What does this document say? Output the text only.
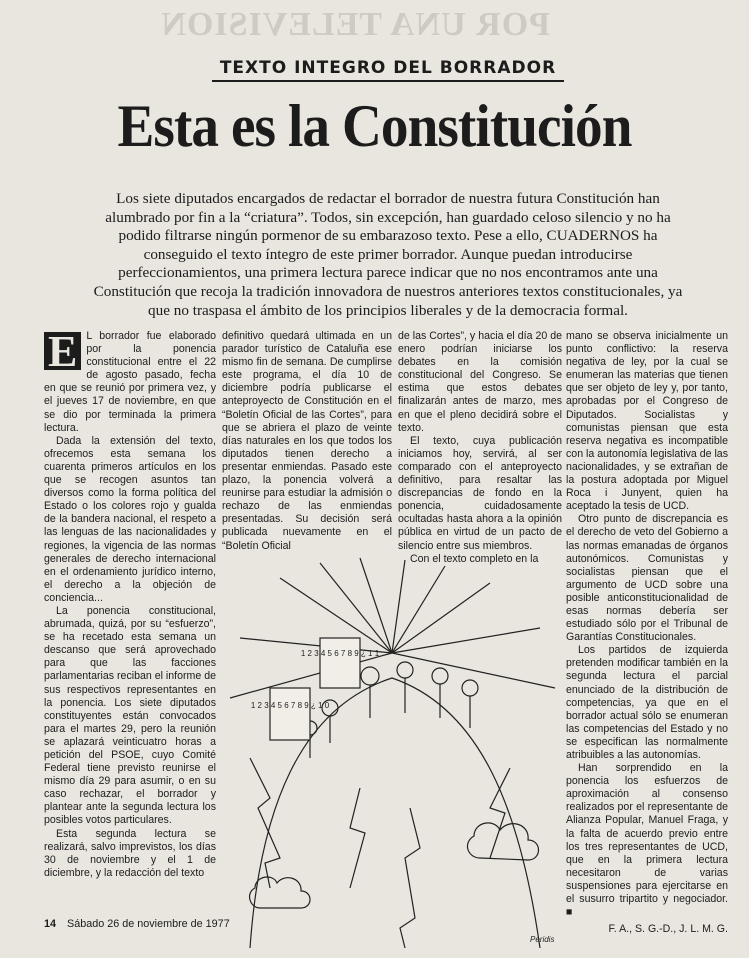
POR UNA TELEVISION
TEXTO INTEGRO DEL BORRADOR
Esta es la Constitución
Los siete diputados encargados de redactar el borrador de nuestra futura Constitución han alumbrado por fin a la “criatura”. Todos, sin excepción, han guardado celoso silencio y no ha podido filtrarse ningún pormenor de su embarazoso texto. Pese a ello, CUADERNOS ha conseguido el texto íntegro de este primer borrador. Aunque puedan introducirse perfeccionamientos, una primera lectura parece indicar que no nos encontramos ante una Constitución que recoja la tradición innovadora de nuestros anteriores textos constitucionales, ya que no traspasa el ámbito de los principios liberales y de la democracia formal.
E L borrador fue elaborado por la ponencia constitucional entre el 22 de agosto pasado, fecha en que se reunió por primera vez, y el jueves 17 de noviembre, en que se dio por terminada la primera lectura.

Dada la extensión del texto, ofrecemos esta semana los cuarenta primeros artículos en los que se recogen asuntos tan diversos como la forma política del Estado o los colores rojo y gualda de la bandera nacional, el respeto a las lenguas de las nacionalidades y regiones, la vigencia de las normas generales de derecho internacional en el ordenamiento jurídico interno, el derecho a la objeción de conciencia...

La ponencia constitucional, abrumada, quizá, por su “esfuerzo”, se ha recetado esta semana un descanso que será aprovechado para que las facciones parlamentarias reciban el informe de sus respectivos representantes en la ponencia. Los siete diputados constituyentes están convocados para el martes 29, pero la reunión se aplazará veinticuatro horas a petición del PSOE, cuyo Comité Federal tiene previsto reunirse el mismo día 29 para asumir, o en su caso rechazar, el borrador y plantear ante la segunda lectura los posibles votos particulares.

Esta segunda lectura se realizará, salvo imprevistos, los días 30 de noviembre y el 1 de diciembre, y la redacción del texto

definitivo quedará ultimada en un parador turístico de Cataluña ese mismo fin de semana. De cumplirse este programa, el día 10 de diciembre podría publicarse el anteproyecto de Constitución en el “Boletín Oficial de las Cortes”, para que se abriera el plazo de veinte días naturales en los que todos los diputados tienen derecho a presentar enmiendas. Pasado este plazo, la ponencia volverá a reunirse para estudiar la admisión o rechazo de las enmiendas presentadas. Su decisión será publicada nuevamente en el “Boletín Oficial

de las Cortes”, y hacia el día 20 de enero podrían iniciarse los debates en la comisión constitucional del Congreso. Se estima que estos debates finalizarán antes de marzo, mes en que el pleno decidirá sobre el texto.

El texto, cuya publicación iniciamos hoy, servirá, al ser comparado con el anteproyecto definitivo, para resaltar las discrepancias de fondo en la ponencia, cuidadosamente ocultadas hasta ahora a la opinión pública en virtud de un pacto de silencio entre sus miembros.

Con el texto completo en la

mano se observa inicialmente un punto conflictivo: la reserva negativa de ley, por la cual se enumeran las materias que tienen que ser objeto de ley y, por tanto, aprobadas por el Congreso de Diputados. Socialistas y comunistas piensan que esta reserva negativa es incompatible con la autonomía legislativa de las nacionalidades, y se extrañan de la postura adoptada por Miguel Roca i Junyent, quien ha aceptado la tesis de UCD.

Otro punto de discrepancia es el derecho de veto del Gobierno a las normas emanadas de órganos autonómicos. Comunistas y socialistas piensan que el argumento de UCD sobre una posible anticonstitucionalidad de esas normas debería ser estudiado sólo por el Tribunal de Garantías Constitucionales.

Los partidos de izquierda pretenden modificar también en la segunda lectura el parcial enunciado de la distribución de competencias, ya que en el borrador actual sólo se enumeran las competencias del Estado y no se especifican las normalmente atribuibles a las autonomías.

Han sorprendido en la ponencia los esfuerzos de aproximación al consenso realizados por el representante de Alianza Popular, Manuel Fraga, y la falta de acuerdo previo entre los tres representantes de UCD, que en la primera lectura necesitaron de varias suspensiones para ejercitarse en el susurro tripartito y negociador. ■

F. A., S. G.-D., J. L. M. G.
1 2 3 4 5 6 7 8 9 ¿ 1 0
1 2 3 4 5 6 7 8 9 ¿ 1 1
Peridis
14 Sábado 26 de noviembre de 1977
